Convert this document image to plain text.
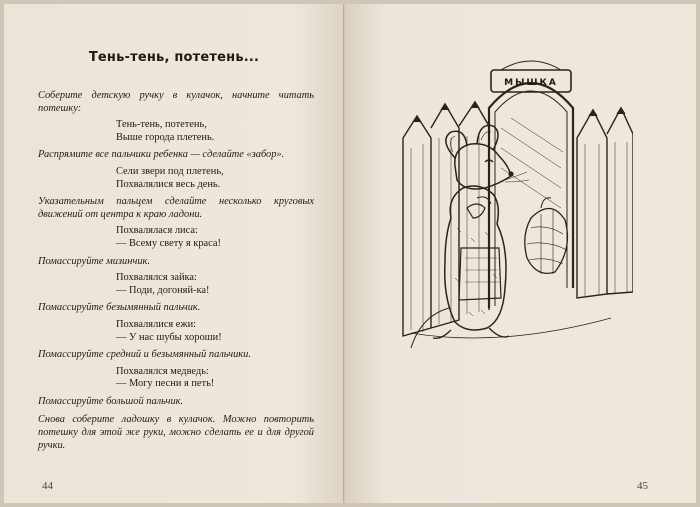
Тень-тень, потетень...
Соберите детскую ручку в кулачок, начните читать потешку:
Тень-тень, потетень,
Выше города плетень.
Распрямите все пальчики ребенка — сделайте «забор».
Сели звери под плетень,
Похвалялися весь день.
Указательным пальцем сделайте несколько круговых движений от центра к краю ладони.
Похвалялася лиса:
— Всему свету я краса!
Помассируйте мизинчик.
Похвалялся зайка:
— Поди, догоняй-ка!
Помассируйте безымянный пальчик.
Похвалялися ежи:
— У нас шубы хороши!
Помассируйте средний и безымянный пальчики.
Похвалялся медведь:
— Могу песни я петь!
Помассируйте большой пальчик.
Снова соберите ладошку в кулачок. Можно повторить потешку для этой же руки, можно сделать ее и для другой ручки.
44
МЫШКА
45
